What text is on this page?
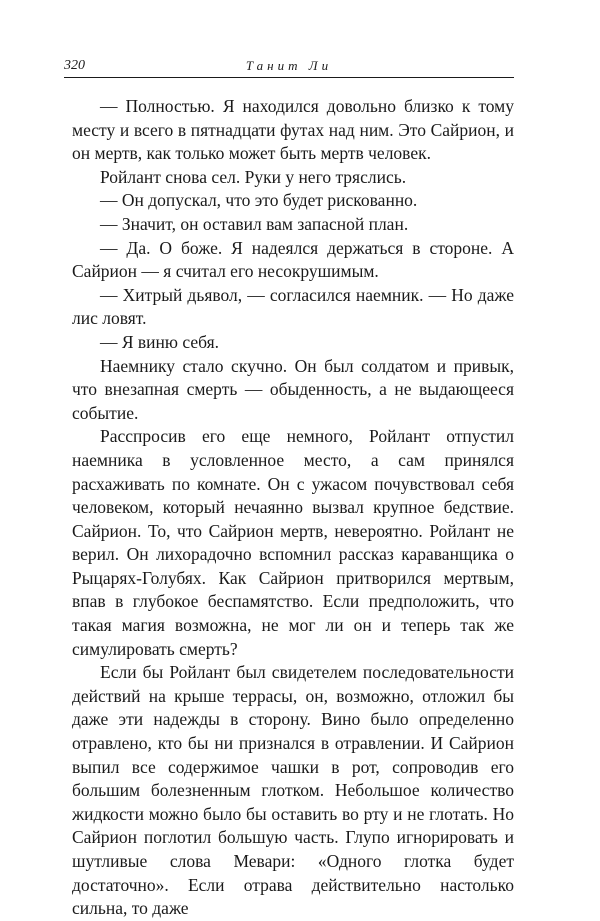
320	Танит Ли

— Полностью. Я находился довольно близко к тому месту и всего в пятнадцати футах над ним. Это Сайрион, и он мертв, как только может быть мертв человек.

Ройлант снова сел. Руки у него тряслись.

— Он допускал, что это будет рискованно.

— Значит, он оставил вам запасной план.

— Да. О боже. Я надеялся держаться в стороне. А Сайрион — я считал его несокрушимым.

— Хитрый дьявол, — согласился наемник. — Но даже лис ловят.

— Я виню себя.

Наемнику стало скучно. Он был солдатом и привык, что внезапная смерть — обыденность, а не выдающееся событие.

Расспросив его еще немного, Ройлант отпустил наемника в условленное место, а сам принялся расхаживать по комнате. Он с ужасом почувствовал себя человеком, который нечаянно вызвал крупное бедствие. Сайрион. То, что Сайрион мертв, невероятно. Ройлант не верил. Он лихорадочно вспомнил рассказ караванщика о Рыцарях-Голубях. Как Сайрион притворился мертвым, впав в глубокое беспамятство. Если предположить, что такая магия возможна, не мог ли он и теперь так же симулировать смерть?

Если бы Ройлант был свидетелем последовательности действий на крыше террасы, он, возможно, отложил бы даже эти надежды в сторону. Вино было определенно отравлено, кто бы ни признался в отравлении. И Сайрион выпил все содержимое чашки в рот, сопроводив его большим болезненным глотком. Небольшое количество жидкости можно было бы оставить во рту и не глотать. Но Сайрион поглотил большую часть. Глупо игнорировать и шутливые слова Мевари: «Одного глотка будет достаточно». Если отрава действительно настолько сильна, то даже
